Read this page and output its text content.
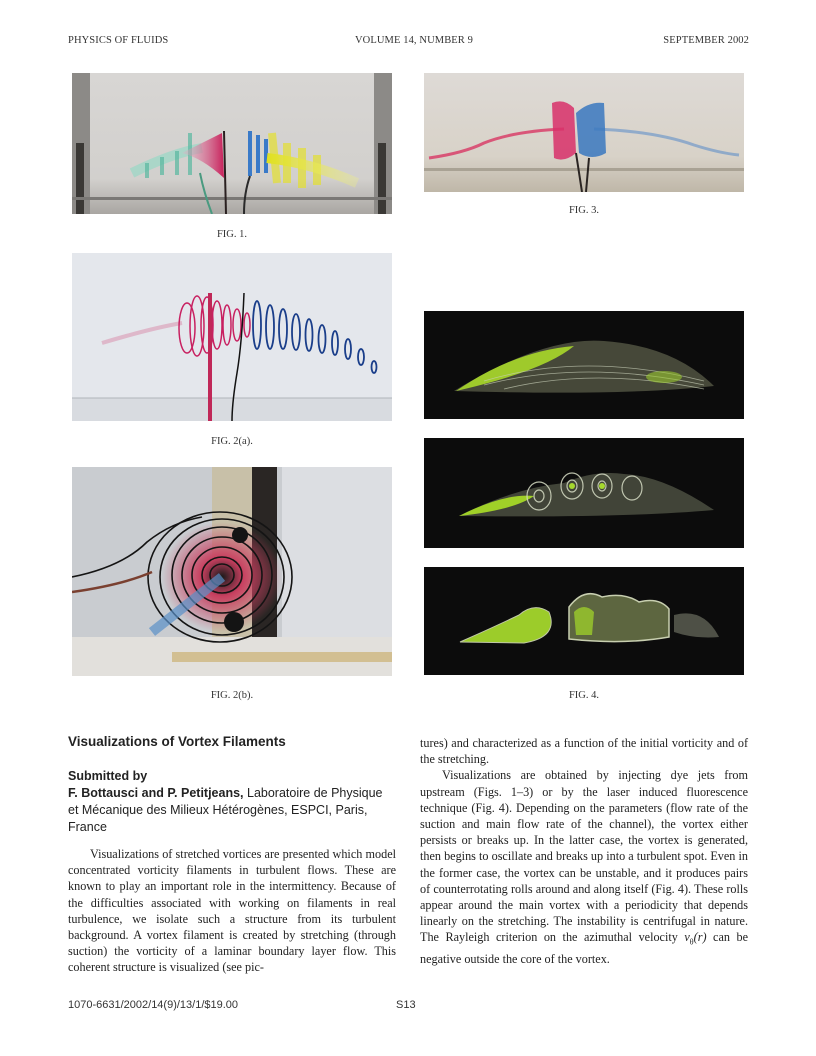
PHYSICS OF FLUIDS	VOLUME 14, NUMBER 9	SEPTEMBER 2002
FIG. 1.
FIG. 3.
FIG. 2(a).
FIG. 4.
FIG. 2(b).
Visualizations of Vortex Filaments
Submitted by
F. Bottausci and P. Petitjeans, Laboratoire de Physique et Mécanique des Milieux Hétérogènes, ESPCI, Paris, France

Visualizations of stretched vortices are presented which model concentrated vorticity filaments in turbulent flows. These are known to play an important role in the intermittency. Because of the difficulties associated with working on filaments in real turbulence, we isolate such a structure from its turbulent background. A vortex filament is created by stretching (through suction) the vorticity of a laminar boundary layer flow. This coherent structure is visualized (see pic-

tures) and characterized as a function of the initial vorticity and of the stretching.

Visualizations are obtained by injecting dye jets from upstream (Figs. 1–3) or by the laser induced fluorescence technique (Fig. 4). Depending on the parameters (flow rate of the suction and main flow rate of the channel), the vortex either persists or breaks up. In the latter case, the vortex is generated, then begins to oscillate and breaks up into a turbulent spot. Even in the former case, the vortex can be unstable, and it produces pairs of counterrotating rolls around and along itself (Fig. 4). These rolls appear around the main vortex with a periodicity that depends linearly on the stretching. The instability is centrifugal in nature. The Rayleigh criterion on the azimuthal velocity $v_\theta(r)$ can be negative outside the core of the vortex.

1070-6631/2002/14(9)/13/1/$19.00	S13
